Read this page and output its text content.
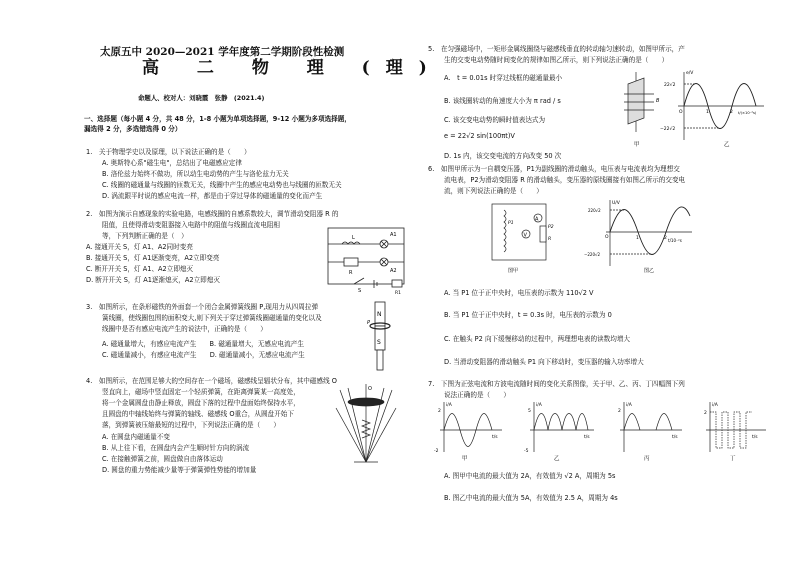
太原五中 2020—2021 学年度第二学期阶段性检测
高 二 物 理 (理)
命题人、校对人：刘晓霞　张静　(2021.4)
一、选择题（每小题 4 分，共 48 分，1-8 小题为单项选择题，9-12 小题为多项选择题，
漏选得 2 分，多选错选得 0 分）
1.　关于物理学史以及原理，以下说法正确的是（　　）
A. 奥斯特心系"磁生电"，总结出了电磁感应定律
B. 洛伦兹力始终不做功，所以动生电动势的产生与洛伦兹力无关
C. 线圈的磁通量与线圈的匝数无关，线圈中产生的感应电动势也与线圈的匝数无关
D. 涡流跟平时说的感应电流一样，都是由于穿过导体的磁通量的变化而产生
2.　如图为演示自感现象的实验电路，电感线圈的自感系数较大，调节滑动变阻器 R 的
阻值，且使得滑动变阻器接入电路中的阻值与线圈直流电阻相
等，下列判断正确的是（　）
A. 接通开关 S，灯 A1、A2同时变亮
B. 接通开关 S，灯 A1逐渐变亮，A2立即变亮
C. 断开开关 S，灯 A1、A2立即熄灭
D. 断开开关 S，灯 A1逐渐熄灭，A2立即熄灭
A1
A2
R
L
S	R1
3.　如图所示，在条形磁铁的外面套一个闭合金属弹簧线圈 P,现用力从四周拉弹
簧线圈，使线圈包围的面积变大,则下列关于穿过弹簧线圈磁通量的变化以及
线圈中是否有感应电流产生的说法中，正确的是（　　）
A. 磁通量增大，有感应电流产生　　B. 磁通量增大，无感应电流产生
C. 磁通量减小，有感应电流产生　　D. 磁通量减小，无感应电流产生
N
S
P
4.　如图所示，在范围足够大的空间存在一个磁场，磁感线呈辐状分布，其中磁感线 O
竖直向上，磁场中竖直固定一个轻质弹簧，在距离弹簧某一高度处，
将一个金属圆盘由静止释放，圆盘下落的过程中盘面始终保持水平，
且圆盘的中轴线始终与弹簧的轴线、磁感线 O重合，从圆盘开始下
落，到弹簧被压缩最短的过程中，下列说法正确的是（　　）
A. 在圆盘内磁通量不变
B. 从上往下看，在圆盘内会产生顺时针方向的涡流
C. 在接触弹簧之前，圆盘做自由落体运动
D. 圆盘的重力势能减少量等于弹簧弹性势能的增加量
O
5.　在匀强磁场中，一矩形金属线圈绕与磁感线垂直的转动轴匀速转动，如图甲所示，产
生的交变电动势随时间变化的规律如图乙所示，则下列说法正确的是（　　）
A.　t = 0.01s 时穿过线框的磁通量最小
B. 该线圈转动的角速度大小为 π rad / s
C. 该交变电动势的瞬时值表达式为
e = 22√2 sin(100πt)V
D. 1s 内，该交变电流的方向改变 50 次
B
甲	乙
22√2
−22√2
e/V
t/(×10⁻²s)
1	2
O
6.　如图甲所示为一自耦变压器，P1为副线圈的滑动触头，电压表与电流表均为理想交
流电表，P2为滑动变阻器 R 的滑动触头，变压器的原线圈接有如图乙所示的交变电
流，则下列说法正确的是（　　）
A
V
P1
P2
R
图甲	图乙
U/V
t/10⁻²s
220√2
−220√2
O	1	2
A. 当 P1 位于正中央时，电压表的示数为 110√2 V
B. 当 P1 位于正中央时，t = 0.3s 时，电压表的示数为 0
C. 在触头 P2 向下缓慢移动的过程中，两理想电表的读数均增大
D. 当滑动变阻器的滑动触头 P1 向下移动时，变压器的输入功率增大
7.　下图为正弦电流和方波电流随时间的变化关系图像，关于甲、乙、丙、丁四幅图下列
说法正确的是（　　）
i/A
t/s
2
-2
甲
i/A
t/s
5
-5
乙
i/A
t/s
2
丙
i/A
t/s
2
丁
A. 图甲中电流的最大值为 2A，有效值为 √2 A，周期为 5s
B. 图乙中电流的最大值为 5A，有效值为 2.5 A，周期为 4s
